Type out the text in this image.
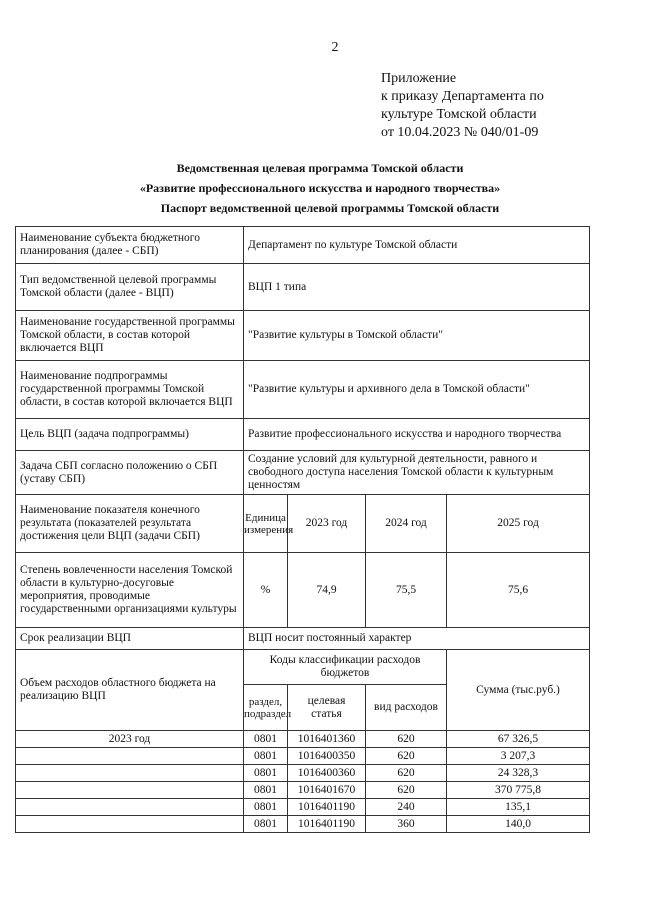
2
Приложение
к приказу Департамента по
культуре Томской области
от 10.04.2023 № 040/01-09
Ведомственная целевая программа Томской области
«Развитие профессионального искусства и народного творчества»
Паспорт ведомственной целевой программы Томской области
Наименование субъекта бюджетного планирования (далее - СБП)	Департамент по культуре Томской области			
Тип ведомственной целевой программы Томской области (далее - ВЦП)	ВЦП 1 типа			
Наименование государственной программы Томской области, в состав которой включается ВЦП	"Развитие культуры в Томской области"			
Наименование подпрограммы государственной программы Томской области, в состав которой включается ВЦП	"Развитие культуры и архивного дела в Томской области"			
Цель ВЦП (задача подпрограммы)	Развитие профессионального искусства и народного творчества			
Задача СБП согласно положению о СБП (уставу СБП)	Создание условий для культурной деятельности, равного и свободного доступа населения Томской области к культурным ценностям			
Наименование показателя конечного результата (показателей результата достижения цели ВЦП (задачи СБП)	Единица измерения	2023 год	2024 год	2025 год
Степень вовлеченности населения Томской области в культурно-досуговые мероприятия, проводимые государственными организациями культуры	%	74,9	75,5	75,6
Срок реализации ВЦП	ВЦП носит постоянный характер			
Объем расходов областного бюджета на реализацию ВЦП	Коды классификации расходов бюджетов			Сумма (тыс.руб.)
	раздел, подраздел	целевая статья	вид расходов	
2023 год	0801	1016401360	620	67 326,5
	0801	1016400350	620	3 207,3
	0801	1016400360	620	24 328,3
	0801	1016401670	620	370 775,8
	0801	1016401190	240	135,1
	0801	1016401190	360	140,0
